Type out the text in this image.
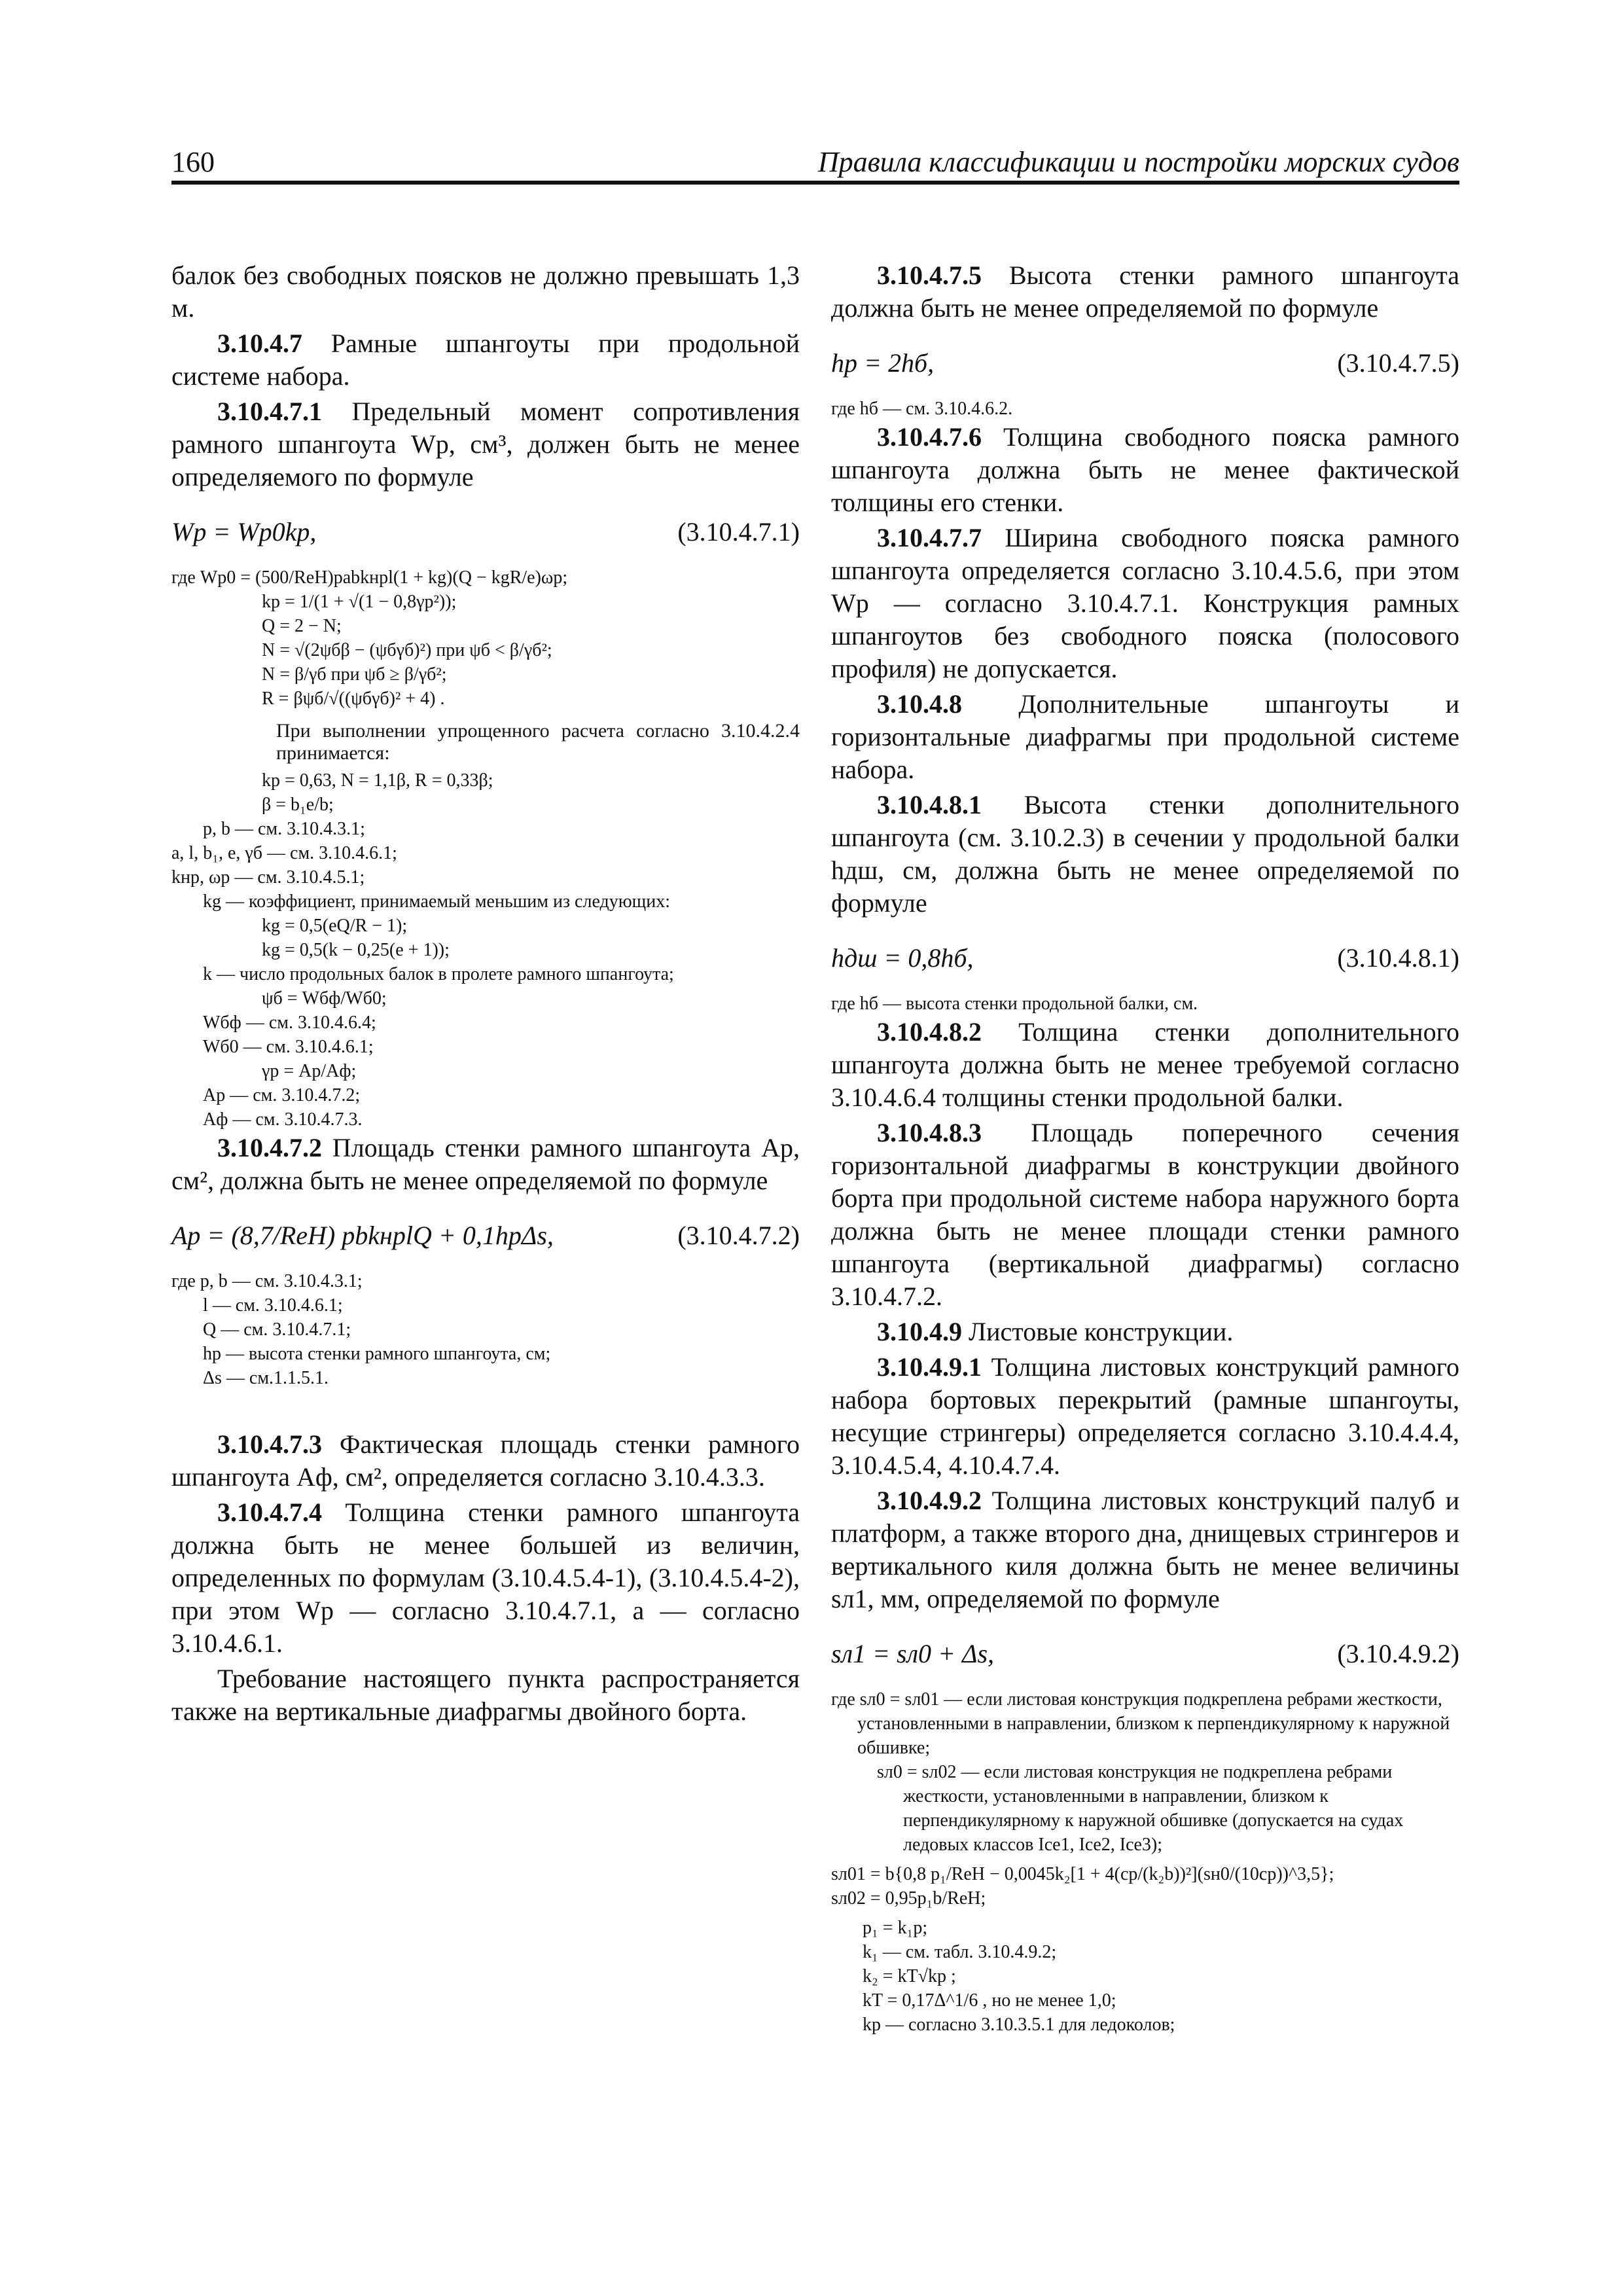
160	Правила классификации и постройки морских судов

балок без свободных поясков не должно превышать 1,3 м.

3.10.4.7 Рамные шпангоуты при продольной системе набора.

3.10.4.7.1 Предельный момент сопротивления рамного шпангоута Wр, см³, должен быть не менее определяемого по формуле

Wр = Wр0kр,	(3.10.4.7.1)

где Wр0 = (500/ReH)pabkнрl(1 + kg)(Q − kgR/e)ωр;

kр = 1/(1 + √(1 − 0,8γр²));

Q = 2 − N;

N = √(2ψбβ − (ψбγб)²) при ψб < β/γб²;

N = β/γб при ψб ≥ β/γб²;

R = βψб/√((ψбγб)² + 4) .

При выполнении упрощенного расчета согласно 3.10.4.2.4 принимается:

kр = 0,63, N = 1,1β, R = 0,33β;

β = b₁e/b;

p, b — см. 3.10.4.3.1;

a, l, b₁, e, γб — см. 3.10.4.6.1;

kнр, ωр — см. 3.10.4.5.1;

kg — коэффициент, принимаемый меньшим из следующих:

kg = 0,5(eQ/R − 1);

kg = 0,5(k − 0,25(e + 1));

k — число продольных балок в пролете рамного шпангоута;

ψб = Wбф/Wб0;

Wбф — см. 3.10.4.6.4;

Wб0 — см. 3.10.4.6.1;

γр = Aр/Aф;

Aр — см. 3.10.4.7.2;

Aф — см. 3.10.4.7.3.

3.10.4.7.2 Площадь стенки рамного шпангоута Aр, см², должна быть не менее определяемой по формуле

Aр = (8,7/ReH) pbkнрlQ + 0,1hрΔs,	(3.10.4.7.2)

где p, b — см. 3.10.4.3.1;

l — см. 3.10.4.6.1;

Q — см. 3.10.4.7.1;

hр — высота стенки рамного шпангоута, см;

Δs — см.1.1.5.1.

3.10.4.7.3 Фактическая площадь стенки рамного шпангоута Aф, см², определяется согласно 3.10.4.3.3.

3.10.4.7.4 Толщина стенки рамного шпангоута должна быть не менее большей из величин, определенных по формулам (3.10.4.5.4-1), (3.10.4.5.4-2), при этом Wр — согласно 3.10.4.7.1, a — согласно 3.10.4.6.1.

Требование настоящего пункта распространяется также на вертикальные диафрагмы двойного борта.

3.10.4.7.5 Высота стенки рамного шпангоута должна быть не менее определяемой по формуле

hр = 2hб,	(3.10.4.7.5)

где hб — см. 3.10.4.6.2.

3.10.4.7.6 Толщина свободного пояска рамного шпангоута должна быть не менее фактической толщины его стенки.

3.10.4.7.7 Ширина свободного пояска рамного шпангоута определяется согласно 3.10.4.5.6, при этом Wр — согласно 3.10.4.7.1. Конструкция рамных шпангоутов без свободного пояска (полосового профиля) не допускается.

3.10.4.8 Дополнительные шпангоуты и горизонтальные диафрагмы при продольной системе набора.

3.10.4.8.1 Высота стенки дополнительного шпангоута (см. 3.10.2.3) в сечении у продольной балки hдш, см, должна быть не менее определяемой по формуле

hдш = 0,8hб,	(3.10.4.8.1)

где hб — высота стенки продольной балки, см.

3.10.4.8.2 Толщина стенки дополнительного шпангоута должна быть не менее требуемой согласно 3.10.4.6.4 толщины стенки продольной балки.

3.10.4.8.3 Площадь поперечного сечения горизонтальной диафрагмы в конструкции двойного борта при продольной системе набора наружного борта должна быть не менее площади стенки рамного шпангоута (вертикальной диафрагмы) согласно 3.10.4.7.2.

3.10.4.9 Листовые конструкции.

3.10.4.9.1 Толщина листовых конструкций рамного набора бортовых перекрытий (рамные шпангоуты, несущие стрингеры) определяется согласно 3.10.4.4.4, 3.10.4.5.4, 4.10.4.7.4.

3.10.4.9.2 Толщина листовых конструкций палуб и платформ, а также второго дна, днищевых стрингеров и вертикального киля должна быть не менее величины sл1, мм, определяемой по формуле

sл1 = sл0 + Δs,	(3.10.4.9.2)

где sл0 = sл01 — если листовая конструкция подкреплена ребрами жесткости, установленными в направлении, близком к перпендикулярному к наружной обшивке;

sл0 = sл02 — если листовая конструкция не подкреплена ребрами жесткости, установленными в направлении, близком к перпендикулярному к наружной обшивке (допускается на судах ледовых классов Ice1, Ice2, Ice3);

sл01 = b{0,8 p₁/ReH − 0,0045k₂[1 + 4(cр/(k₂b))²](sн0/(10cр))^3,5};

sл02 = 0,95p₁b/ReH;

p₁ = k₁p;

k₁ — см. табл. 3.10.4.9.2;

k₂ = kT√kр ;

kT = 0,17Δ^1/6 , но не менее 1,0;

kр — согласно 3.10.3.5.1 для ледоколов;
